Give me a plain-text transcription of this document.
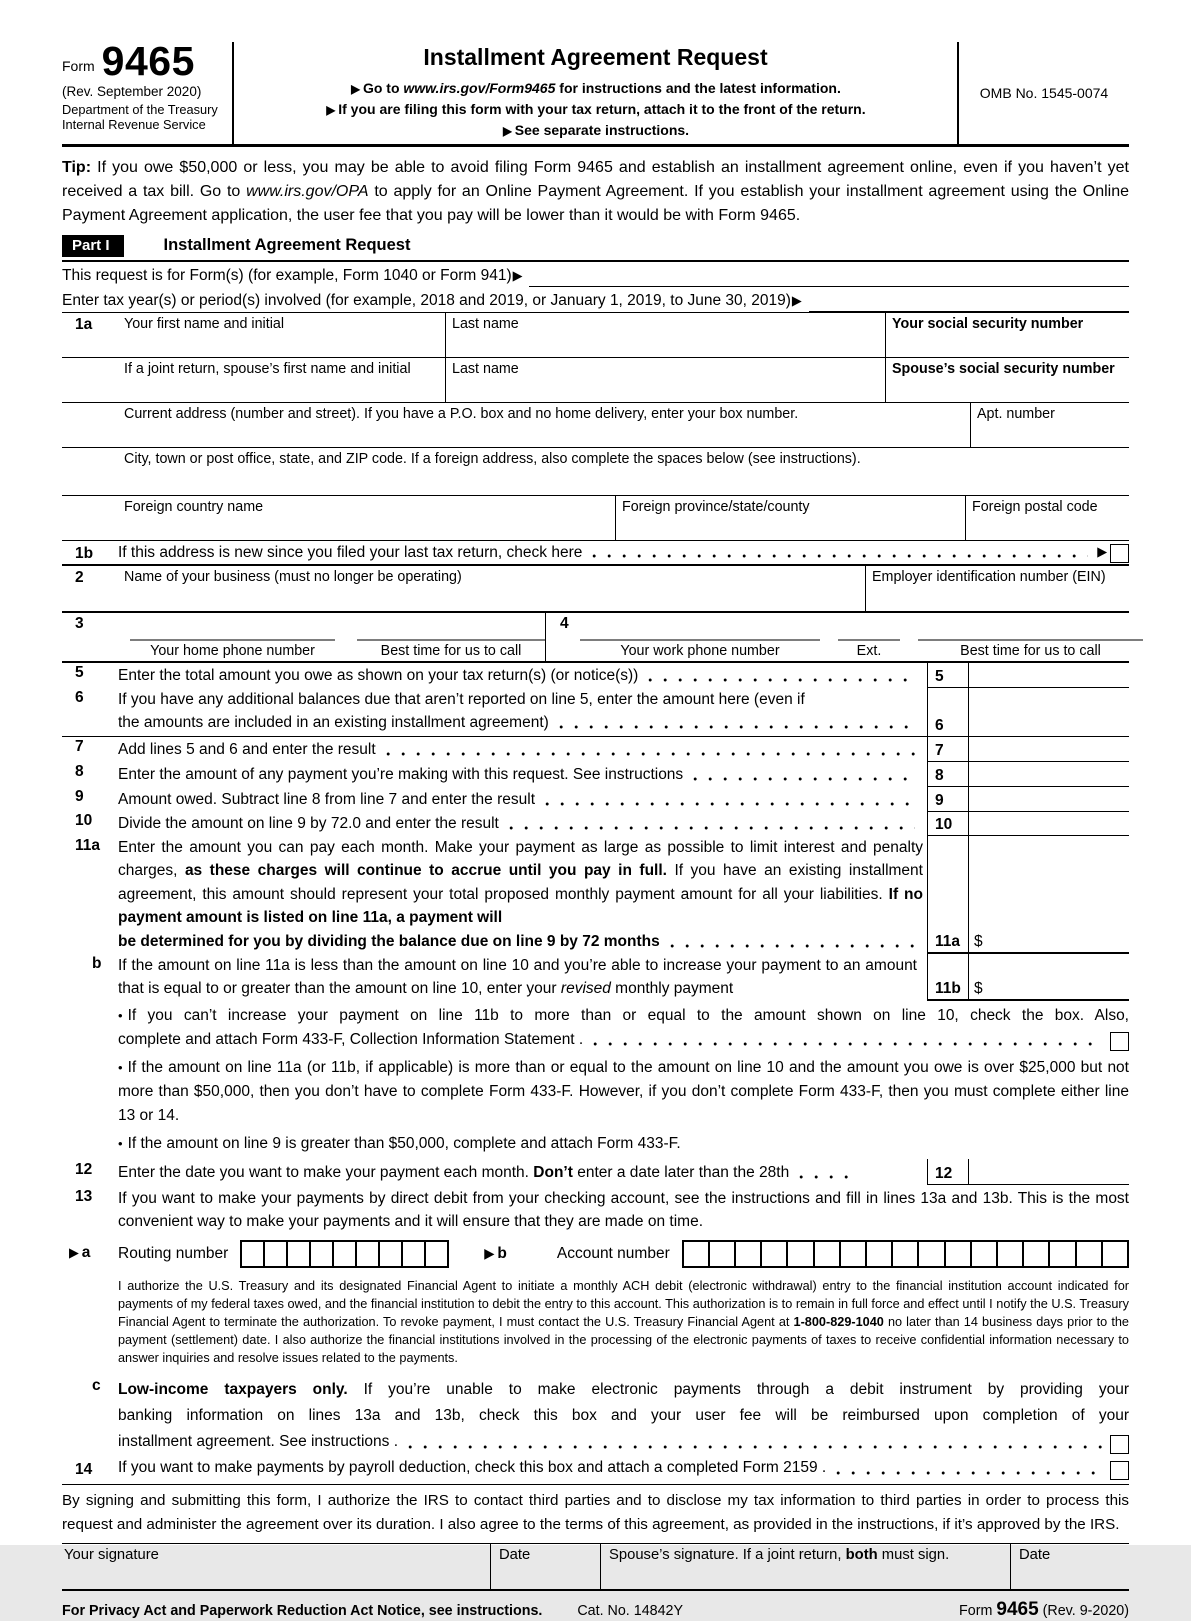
Form 9465
(Rev. September 2020)
Department of the Treasury
Internal Revenue Service
Installment Agreement Request
▶ Go to www.irs.gov/Form9465 for instructions and the latest information.
▶ If you are filing this form with your tax return, attach it to the front of the return.
▶ See separate instructions.
OMB No. 1545-0074

Tip: If you owe $50,000 or less, you may be able to avoid filing Form 9465 and establish an installment agreement online, even if you haven’t yet received a tax bill. Go to www.irs.gov/OPA to apply for an Online Payment Agreement. If you establish your installment agreement using the Online Payment Agreement application, the user fee that you pay will be lower than it would be with Form 9465.

Part I	Installment Agreement Request
This request is for Form(s) (for example, Form 1040 or Form 941) ▶
Enter tax year(s) or period(s) involved (for example, 2018 and 2019, or January 1, 2019, to June 30, 2019) ▶
1a	Your first name and initial	Last name	Your social security number
If a joint return, spouse’s first name and initial	Last name	Spouse’s social security number
Current address (number and street). If you have a P.O. box and no home delivery, enter your box number.	Apt. number
City, town or post office, state, and ZIP code. If a foreign address, also complete the spaces below (see instructions).
Foreign country name	Foreign province/state/county	Foreign postal code
1b If this address is new since you filed your last tax return, check here	▶
2	Name of your business (must no longer be operating)	Employer identification number (EIN)
3
Your home phone number	Best time for us to call
4
Your work phone number	Ext.	Best time for us to call
5 Enter the total amount you owe as shown on your tax return(s) (or notice(s))	5
6 If you have any additional balances due that aren’t reported on line 5, enter the amount here (even if
the amounts are included in an existing installment agreement)	6
7 Add lines 5 and 6 and enter the result	7
8 Enter the amount of any payment you’re making with this request. See instructions	8
9 Amount owed. Subtract line 8 from line 7 and enter the result	9
10 Divide the amount on line 9 by 72.0 and enter the result	10
11a Enter the amount you can pay each month. Make your payment as large as possible to limit interest and penalty charges, as these charges will continue to accrue until you pay in full. If you have an existing installment agreement, this amount should represent your total proposed monthly payment amount for all your liabilities. If no payment amount is listed on line 11a, a payment will
be determined for you by dividing the balance due on line 9 by 72 months	11a $
b If the amount on line 11a is less than the amount on line 10 and you’re able to increase your payment to an amount that is equal to or greater than the amount on line 10, enter your revised monthly payment	11b $
• If you can’t increase your payment on line 11b to more than or equal to the amount shown on line 10, check the box. Also,
complete and attach Form 433-F, Collection Information Statement .
• If the amount on line 11a (or 11b, if applicable) is more than or equal to the amount on line 10 and the amount you owe is over $25,000 but not more than $50,000, then you don’t have to complete Form 433-F. However, if you don’t complete Form 433-F, then you must complete either line 13 or 14.
• If the amount on line 9 is greater than $50,000, complete and attach Form 433-F.
12 Enter the date you want to make your payment each month. Don’t enter a date later than the 28th	12
13 If you want to make your payments by direct debit from your checking account, see the instructions and fill in lines 13a and 13b. This is the most convenient way to make your payments and it will ensure that they are made on time.
▶ a Routing number	▶ b	Account number
I authorize the U.S. Treasury and its designated Financial Agent to initiate a monthly ACH debit (electronic withdrawal) entry to the financial institution account indicated for payments of my federal taxes owed, and the financial institution to debit the entry to this account. This authorization is to remain in full force and effect until I notify the U.S. Treasury Financial Agent to terminate the authorization. To revoke payment, I must contact the U.S. Treasury Financial Agent at 1-800-829-1040 no later than 14 business days prior to the payment (settlement) date. I also authorize the financial institutions involved in the processing of the electronic payments of taxes to receive confidential information necessary to answer inquiries and resolve issues related to the payments.
c Low-income taxpayers only. If you’re unable to make electronic payments through a debit instrument by providing your
banking information on lines 13a and 13b, check this box and your user fee will be reimbursed upon completion of your
installment agreement. See instructions .
14 If you want to make payments by payroll deduction, check this box and attach a completed Form 2159 .
By signing and submitting this form, I authorize the IRS to contact third parties and to disclose my tax information to third parties in order to process this request and administer the agreement over its duration. I also agree to the terms of this agreement, as provided in the instructions, if it’s approved by the IRS.
Your signature	Date	Spouse’s signature. If a joint return, both must sign.	Date
For Privacy Act and Paperwork Reduction Act Notice, see instructions.	Cat. No. 14842Y	Form 9465 (Rev. 9-2020)
